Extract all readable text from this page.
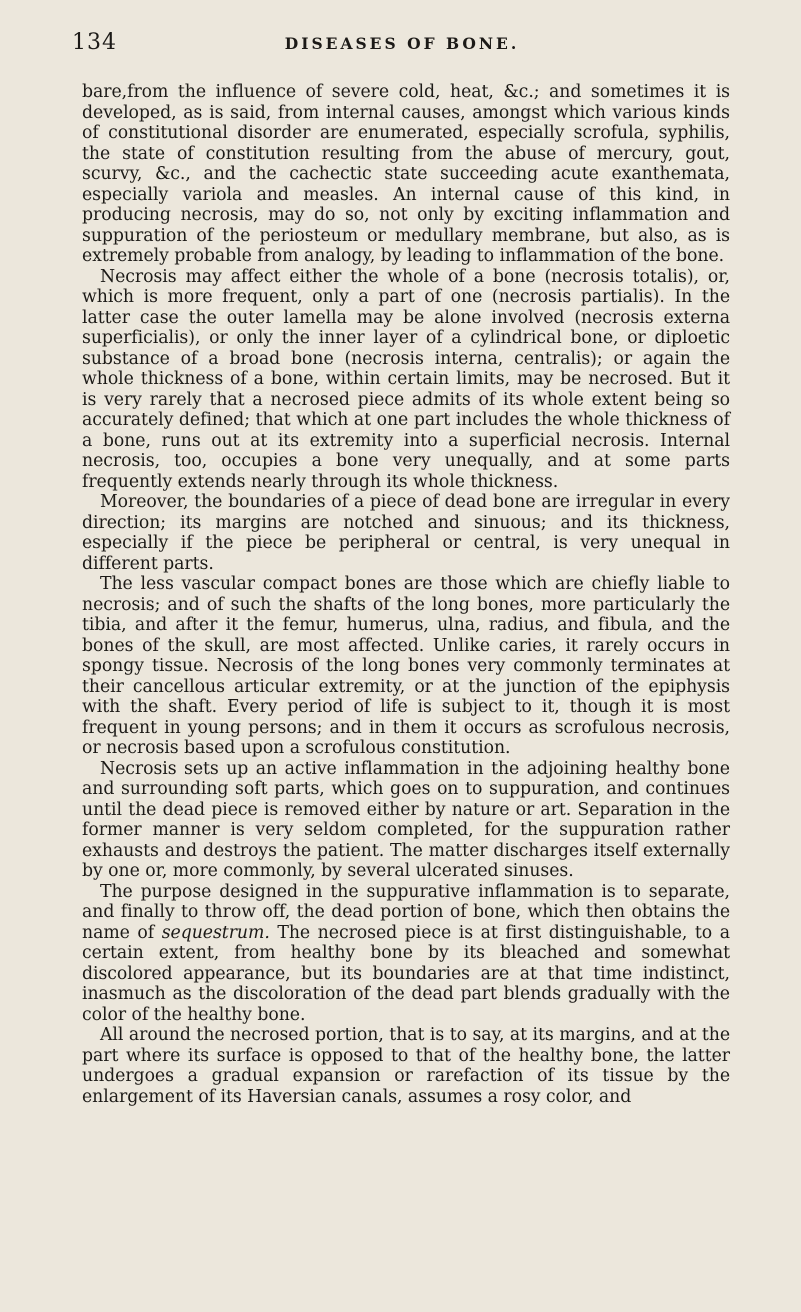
134	DISEASES OF BONE.

bare,from the influence of severe cold, heat, &c.; and sometimes it is developed, as is said, from internal causes, amongst which various kinds of constitutional disorder are enumerated, especially scrofula, syphilis, the state of constitution resulting from the abuse of mercury, gout, scurvy, &c., and the cachectic state succeeding acute exanthemata, especially variola and measles. An internal cause of this kind, in producing necrosis, may do so, not only by exciting inflammation and suppuration of the periosteum or medullary membrane, but also, as is extremely probable from analogy, by leading to inflammation of the bone.

Necrosis may affect either the whole of a bone (necrosis totalis), or, which is more frequent, only a part of one (necrosis partialis). In the latter case the outer lamella may be alone involved (necrosis externa superficialis), or only the inner layer of a cylindrical bone, or diploetic substance of a broad bone (necrosis interna, centralis); or again the whole thickness of a bone, within certain limits, may be necrosed. But it is very rarely that a necrosed piece admits of its whole extent being so accurately defined; that which at one part includes the whole thickness of a bone, runs out at its extremity into a superficial necrosis. Internal necrosis, too, occupies a bone very unequally, and at some parts frequently extends nearly through its whole thickness.

Moreover, the boundaries of a piece of dead bone are irregular in every direction; its margins are notched and sinuous; and its thickness, especially if the piece be peripheral or central, is very unequal in different parts.

The less vascular compact bones are those which are chiefly liable to necrosis; and of such the shafts of the long bones, more particularly the tibia, and after it the femur, humerus, ulna, radius, and fibula, and the bones of the skull, are most affected. Unlike caries, it rarely occurs in spongy tissue. Necrosis of the long bones very commonly terminates at their cancellous articular extremity, or at the junction of the epiphysis with the shaft. Every period of life is subject to it, though it is most frequent in young persons; and in them it occurs as scrofulous necrosis, or necrosis based upon a scrofulous constitution.

Necrosis sets up an active inflammation in the adjoining healthy bone and surrounding soft parts, which goes on to suppuration, and continues until the dead piece is removed either by nature or art. Separation in the former manner is very seldom completed, for the suppuration rather exhausts and destroys the patient. The matter discharges itself externally by one or, more commonly, by several ulcerated sinuses.

The purpose designed in the suppurative inflammation is to separate, and finally to throw off, the dead portion of bone, which then obtains the name of sequestrum. The necrosed piece is at first distinguishable, to a certain extent, from healthy bone by its bleached and somewhat discolored appearance, but its boundaries are at that time indistinct, inasmuch as the discoloration of the dead part blends gradually with the color of the healthy bone.

All around the necrosed portion, that is to say, at its margins, and at the part where its surface is opposed to that of the healthy bone, the latter undergoes a gradual expansion or rarefaction of its tissue by the enlargement of its Haversian canals, assumes a rosy color, and
